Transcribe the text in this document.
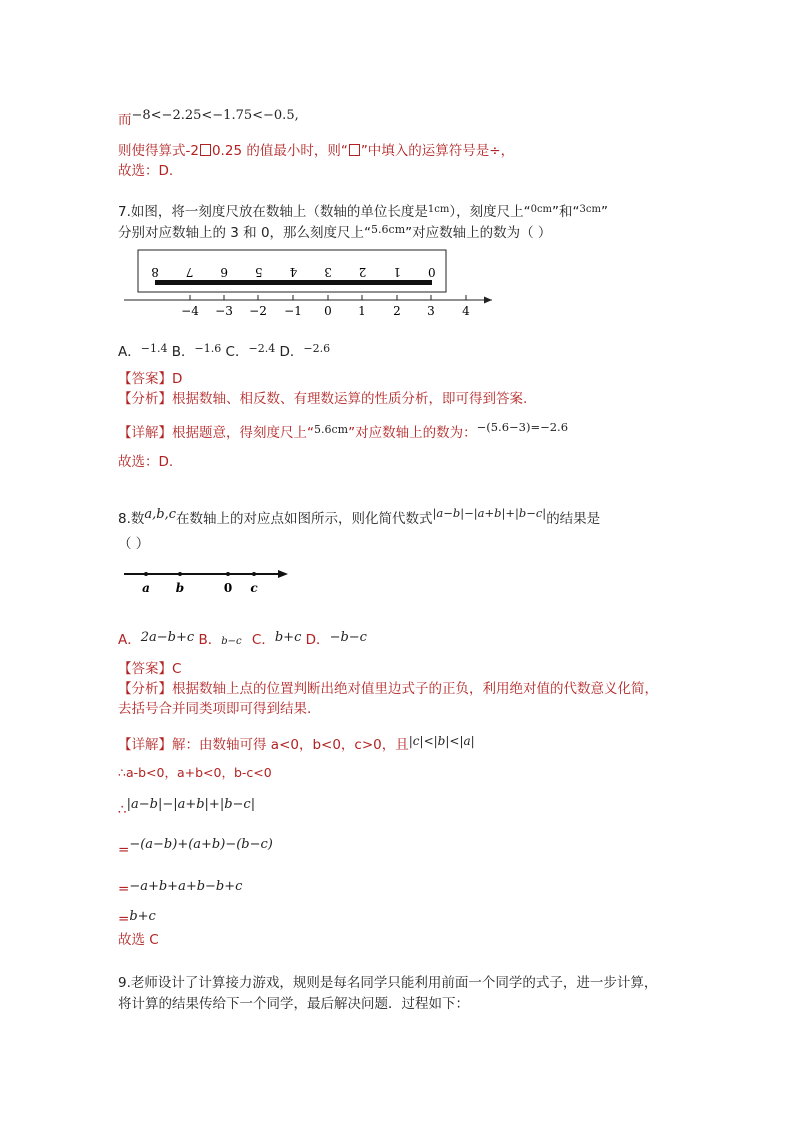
而−8<−2.25<−1.75<−0.5,
则使得算式-2 0.25 的值最小时，则“ ”中填入的运算符号是÷，
故选：D.
7.如图，将一刻度尺放在数轴上（数轴的单位长度是$^{1cm}$），刻度尺上“$^{0cm}$”和“$^{3cm}$”
分别对应数轴上的 3 和 0，那么刻度尺上“$^{5.6cm}$”对应数轴上的数为（ ）
8 7 6 5 4 3 2 1 0
−4 −3 −2 −1 0 1 2 3 4
A．$^{-1.4}$ B．$^{-1.6}$ C．$^{-2.4}$ D．$^{-2.6}$
【答案】D
【分析】根据数轴、相反数、有理数运算的性质分析，即可得到答案.
【详解】根据题意，得刻度尺上“$^{5.6cm}$”对应数轴上的数为：−(5.6−3)=−2.6
故选：D.
8.数a,b,c在数轴上的对应点如图所示，则化简代数式|a−b|−|a+b|+|b−c|的结果是
（ ）
a b	0 c
A．2a−b+c B．b−c C．b+c D．−b−c
【答案】C
【分析】根据数轴上点的位置判断出绝对值里边式子的正负，利用绝对值的代数意义化简，
去括号合并同类项即可得到结果.
【详解】解：由数轴可得 a<0，b<0，c>0，且|c|<|b|<|a|
∴a-b<0，a+b<0，b-c<0
∴|a−b|−|a+b|+|b−c|
=−(a−b)+(a+b)−(b−c)
=−a+b+a+b−b+c
=b+c
故选 C
9.老师设计了计算接力游戏，规则是每名同学只能利用前面一个同学的式子，进一步计算，
将计算的结果传给下一个同学，最后解决问题．过程如下：
